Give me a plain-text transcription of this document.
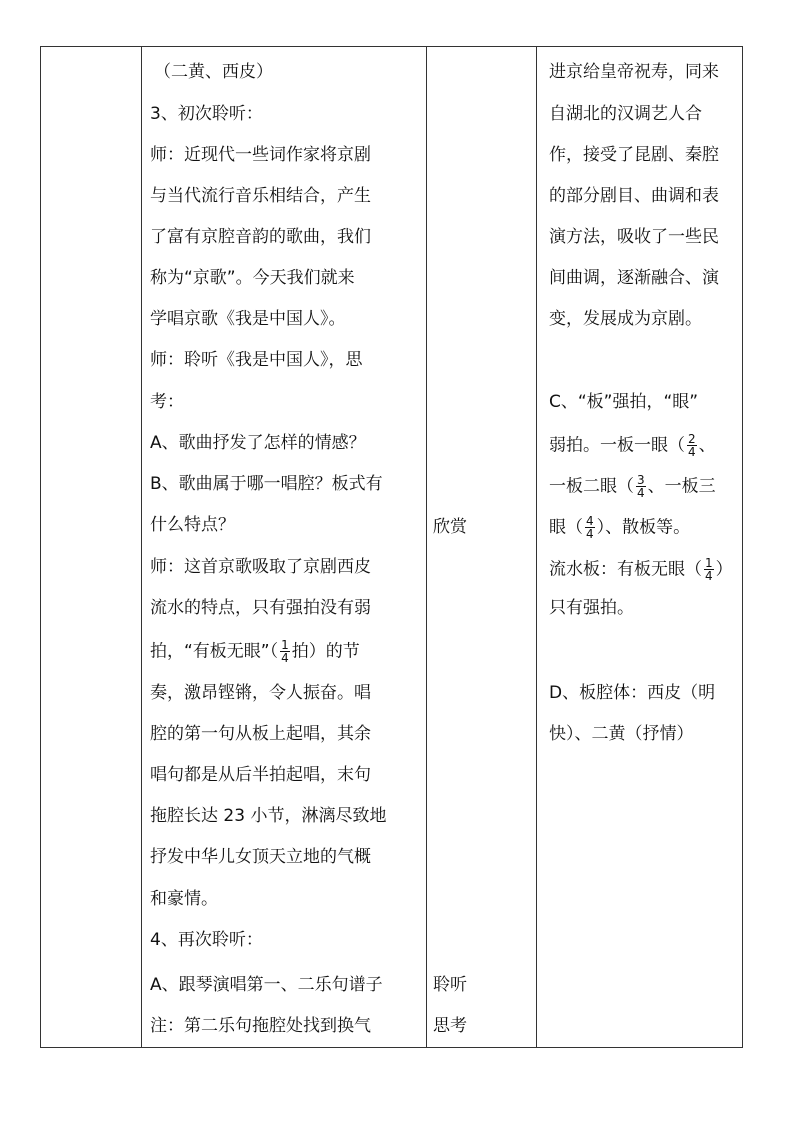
（二黄、西皮）
3、初次聆听：
师：近现代一些词作家将京剧
与当代流行音乐相结合，产生
了富有京腔音韵的歌曲，我们
称为“京歌”。今天我们就来
学唱京歌《我是中国人》。
师：聆听《我是中国人》，思
考：
A、歌曲抒发了怎样的情感？
B、歌曲属于哪一唱腔？板式有
什么特点？
师：这首京歌吸取了京剧西皮
流水的特点，只有强拍没有弱
拍，“有板无眼”（ $\frac{1}{4}$ 拍）的节
奏，激昂铿锵，令人振奋。唱
腔的第一句从板上起唱，其余
唱句都是从后半拍起唱，末句
拖腔长达 23 小节，淋漓尽致地
抒发中华儿女顶天立地的气概
和豪情。
4、再次聆听：
A、跟琴演唱第一、二乐句谱子
注：第二乐句拖腔处找到换气
欣赏
聆听
思考
进京给皇帝祝寿，同来
自湖北的汉调艺人合
作，接受了昆剧、秦腔
的部分剧目、曲调和表
演方法，吸收了一些民
间曲调，逐渐融合、演
变，发展成为京剧。
C、“板”强拍，“眼”
弱拍。一板一眼（ $\frac{2}{4}$ 、
一板二眼（ $\frac{3}{4}$ 、一板三
眼（ $\frac{4}{4}$ ）、散板等。
流水板：有板无眼（ $\frac{1}{4}$ ）
只有强拍。
D、板腔体：西皮（明
快）、二黄（抒情）
